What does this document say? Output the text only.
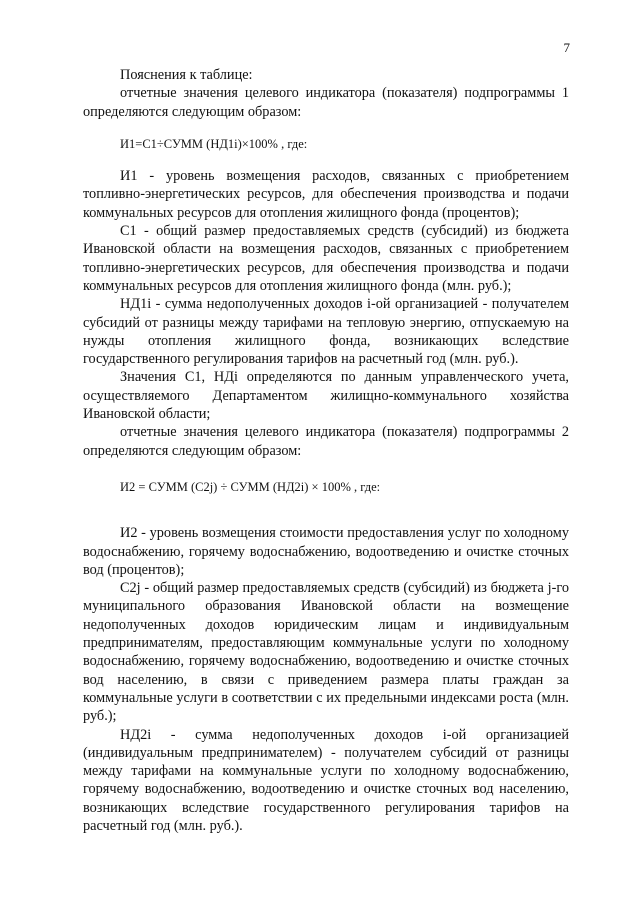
7

Пояснения к таблице:

отчетные значения целевого индикатора (показателя) подпрограммы 1 определяются следующим образом:

И1=С1÷СУММ (НД1i)×100% , где:

И1 - уровень возмещения расходов, связанных с приобретением топливно-энергетических ресурсов, для обеспечения производства и подачи коммунальных ресурсов для отопления жилищного фонда (процентов);

С1 - общий размер предоставляемых средств (субсидий) из бюджета Ивановской области на возмещения расходов, связанных с приобретением топливно-энергетических ресурсов, для обеспечения производства и подачи коммунальных ресурсов для отопления жилищного фонда (млн. руб.);

НД1i - сумма недополученных доходов i-ой организацией - получателем субсидий от разницы между тарифами на тепловую энергию, отпускаемую на нужды отопления жилищного фонда, возникающих вследствие государственного регулирования тарифов на расчетный год (млн. руб.).

Значения С1, НДi определяются по данным управленческого учета, осуществляемого Департаментом жилищно-коммунального хозяйства Ивановской области;

отчетные значения целевого индикатора (показателя) подпрограммы 2 определяются следующим образом:

И2 = СУММ (С2j) ÷ СУММ (НД2i) × 100% , где:

И2 - уровень возмещения стоимости предоставления услуг по холодному водоснабжению, горячему водоснабжению, водоотведению и очистке сточных вод (процентов);

С2j - общий размер предоставляемых средств (субсидий) из бюджета j-го муниципального образования Ивановской области на возмещение недополученных доходов юридическим лицам и индивидуальным предпринимателям, предоставляющим коммунальные услуги по холодному водоснабжению, горячему водоснабжению, водоотведению и очистке сточных вод населению, в связи с приведением размера платы граждан за коммунальные услуги в соответствии с их предельными индексами роста (млн. руб.);

НД2i - сумма недополученных доходов i-ой организацией (индивидуальным предпринимателем) - получателем субсидий от разницы между тарифами на коммунальные услуги по холодному водоснабжению, горячему водоснабжению, водоотведению и очистке сточных вод населению, возникающих вследствие государственного регулирования тарифов на расчетный год (млн. руб.).
